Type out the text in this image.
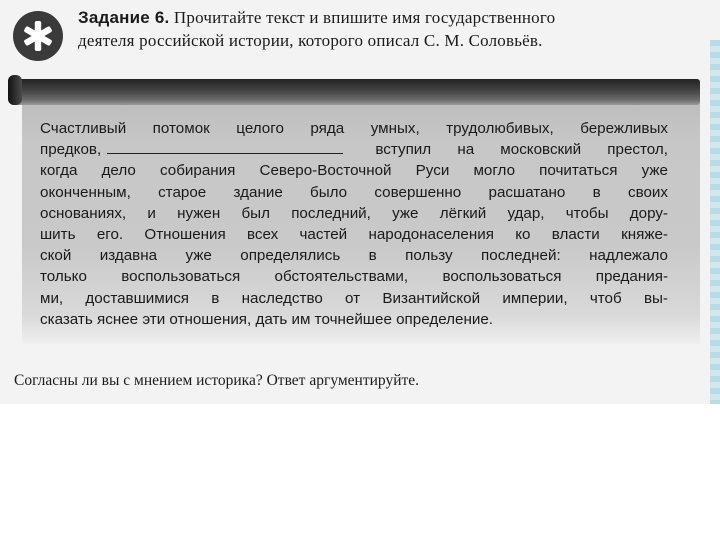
Задание 6. Прочитайте текст и впишите имя государственного
деятеля российской истории, которого описал С. М. Соловьёв.
Счастливый потомок целого ряда умных, трудолюбивых, бережливых
предков,	вступил на московский престол,
когда дело собирания Северо-Восточной Руси могло почитаться уже
оконченным, старое здание было совершенно расшатано в своих
основаниях, и нужен был последний, уже лёгкий удар, чтобы дору-
шить его. Отношения всех частей народонаселения ко власти княже-
ской издавна уже определялись в пользу последней: надлежало
только воспользоваться обстоятельствами, воспользоваться предания-
ми, доставшимися в наследство от Византийской империи, чтоб вы-
сказать яснее эти отношения, дать им точнейшее определение.
Согласны ли вы с мнением историка? Ответ аргументируйте.
